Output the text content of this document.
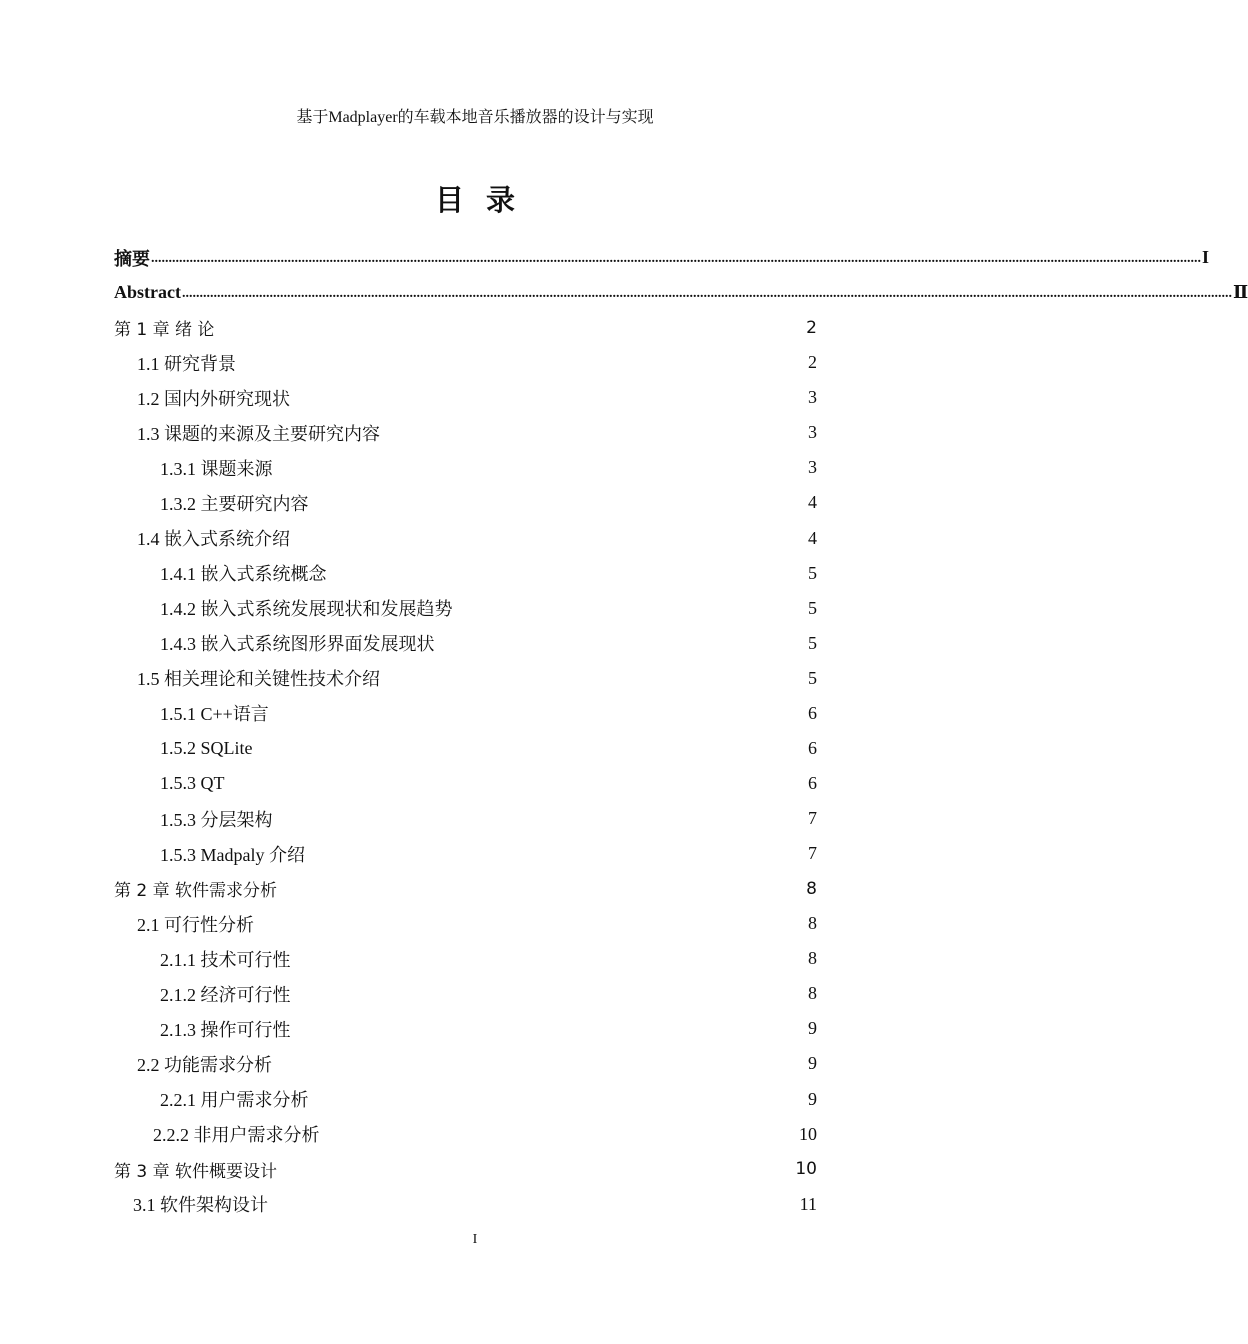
基于Madplayer的车载本地音乐播放器的设计与实现
目录
摘要 ............................................................................................................................................................................................................................................................................................................ I
Abstract ............................................................................................................................................................................................................................................................................................................ Ⅱ
第 1 章 绪 论	2
1.1 研究背景	2
1.2 国内外研究现状	3
1.3 课题的来源及主要研究内容	3
1.3.1 课题来源	3
1.3.2 主要研究内容	4
1.4 嵌入式系统介绍	4
1.4.1 嵌入式系统概念	5
1.4.2 嵌入式系统发展现状和发展趋势	5
1.4.3 嵌入式系统图形界面发展现状	5
1.5 相关理论和关键性技术介绍	5
1.5.1 C++语言	6
1.5.2 SQLite	6
1.5.3 QT	6
1.5.3 分层架构	7
1.5.3 Madpaly 介绍	7
第 2 章 软件需求分析	8
2.1 可行性分析	8
2.1.1 技术可行性	8
2.1.2 经济可行性	8
2.1.3 操作可行性	9
2.2 功能需求分析	9
2.2.1 用户需求分析	9
2.2.2 非用户需求分析	10
第 3 章 软件概要设计	10
3.1 软件架构设计	11
I
